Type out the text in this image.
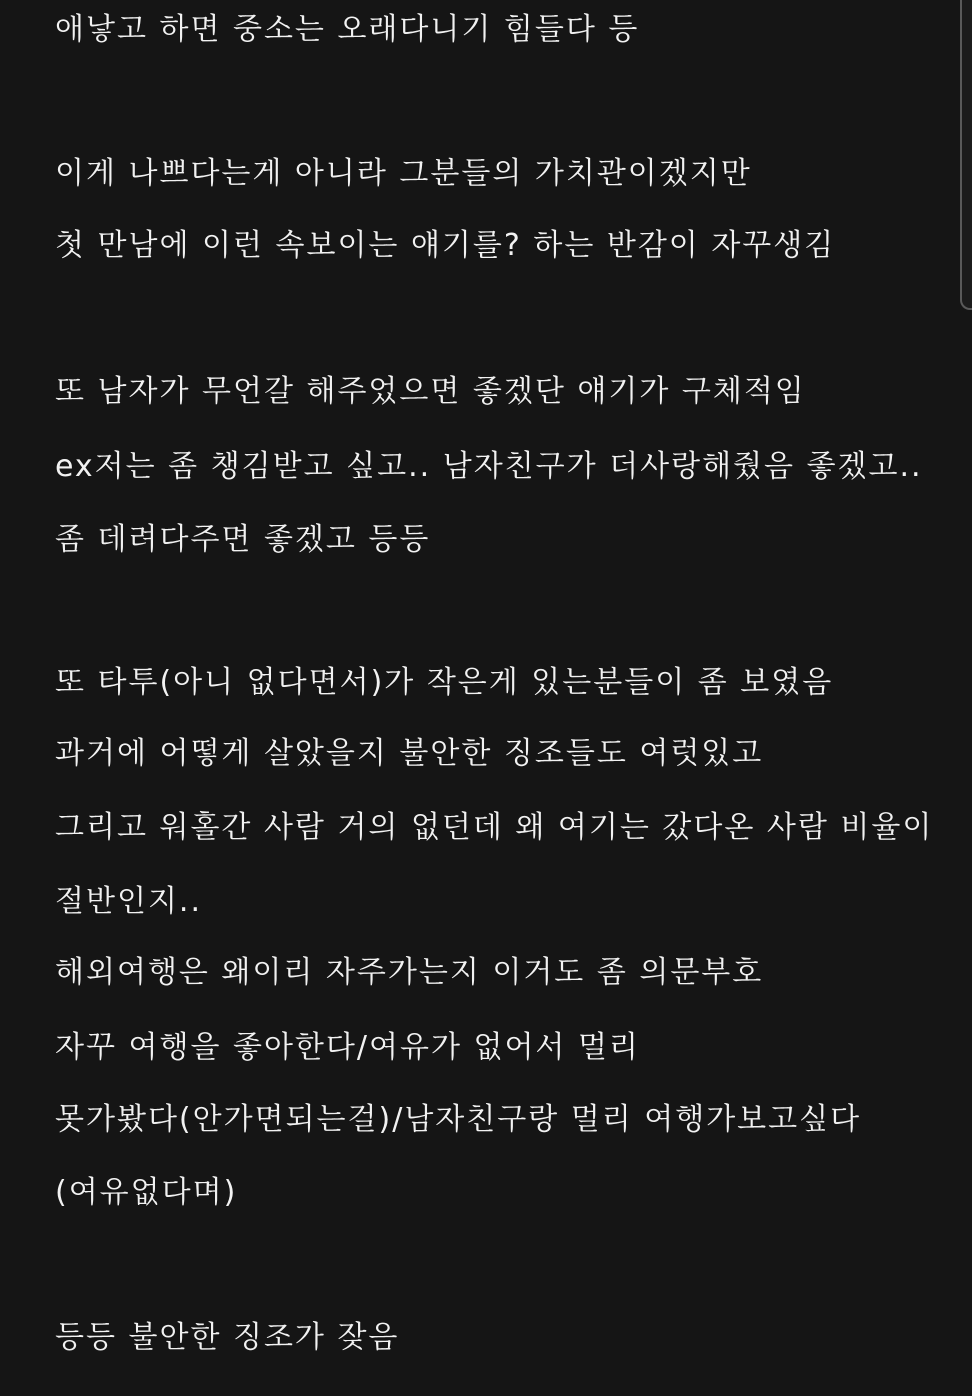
애낳고 하면 중소는 오래다니기 힘들다 등
이게 나쁘다는게 아니라 그분들의 가치관이겠지만
첫 만남에 이런 속보이는 얘기를? 하는 반감이 자꾸생김
또 남자가 무언갈 해주었으면 좋겠단 얘기가 구체적임
ex저는 좀 챙김받고 싶고.. 남자친구가 더사랑해줬음 좋겠고..
좀 데려다주면 좋겠고 등등
또 타투(아니 없다면서)가 작은게 있는분들이 좀 보였음
과거에 어떻게 살았을지 불안한 징조들도 여럿있고
그리고 워홀간 사람 거의 없던데 왜 여기는 갔다온 사람 비율이
절반인지..
해외여행은 왜이리 자주가는지 이거도 좀 의문부호
자꾸 여행을 좋아한다/여유가 없어서 멀리
못가봤다(안가면되는걸)/남자친구랑 멀리 여행가보고싶다
(여유없다며)
등등 불안한 징조가 잦음
